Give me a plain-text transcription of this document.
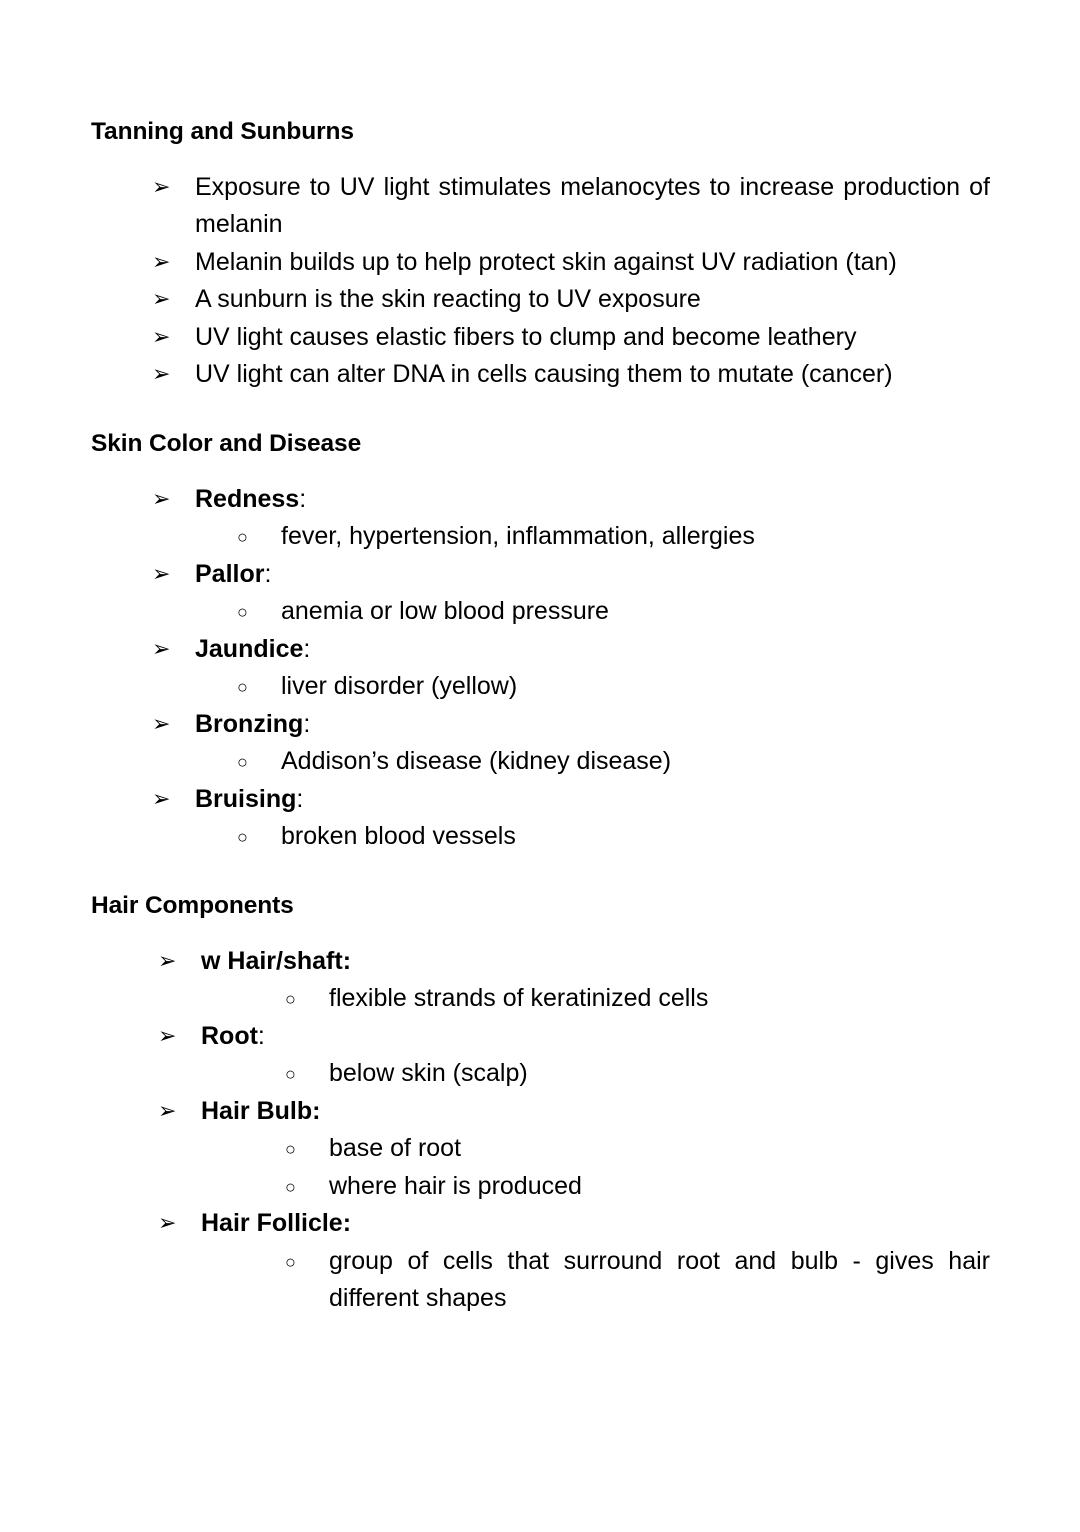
Tanning and Sunburns
➢ Exposure to UV light stimulates melanocytes to increase production of melanin
➢ Melanin builds up to help protect skin against UV radiation (tan)
➢ A sunburn is the skin reacting to UV exposure
➢ UV light causes elastic fibers to clump and become leathery
➢ UV light can alter DNA in cells causing them to mutate (cancer)
Skin Color and Disease
➢ Redness:
○ fever, hypertension, inflammation, allergies
➢ Pallor:
○ anemia or low blood pressure
➢ Jaundice:
○ liver disorder (yellow)
➢ Bronzing:
○ Addison’s disease (kidney disease)
➢ Bruising:
○ broken blood vessels
Hair Components
➢ w Hair/shaft:
○ flexible strands of keratinized cells
➢ Root:
○ below skin (scalp)
➢ Hair Bulb:
○ base of root
○ where hair is produced
➢ Hair Follicle:
○ group of cells that surround root and bulb - gives hair different shapes
